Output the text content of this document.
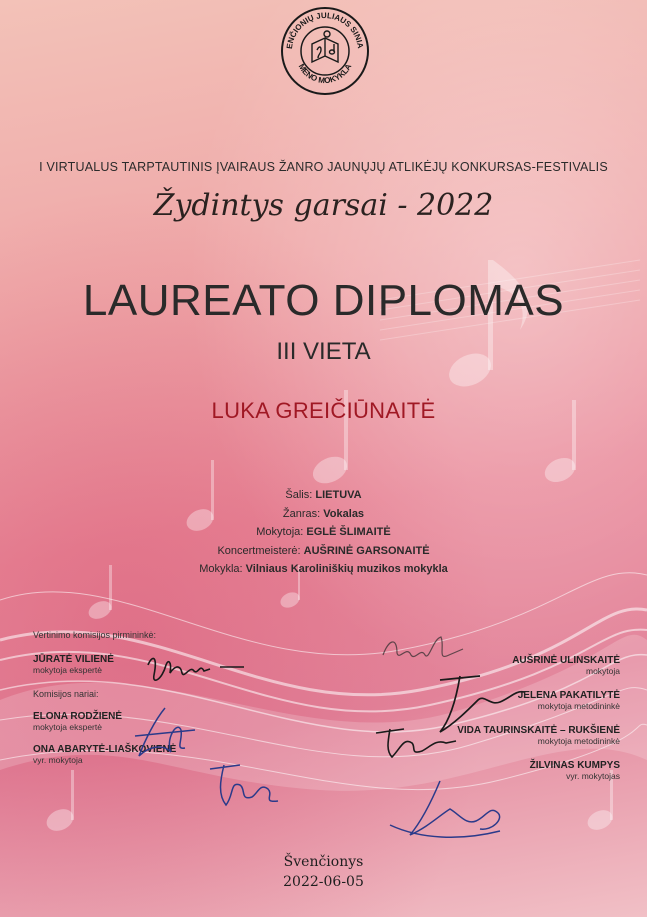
ENČIONIŲ JULIAUS SINIA
MENO MOKYKLA
I VIRTUALUS TARPTAUTINIS ĮVAIRAUS ŽANRO JAUNŲJŲ ATLIKĖJŲ KONKURSAS-FESTIVALIS
Žydintys garsai - 2022
LAUREATO DIPLOMAS
III VIETA
LUKA GREIČIŪNAITĖ
Šalis: LIETUVA
Žanras: Vokalas
Mokytoja: EGLĖ ŠLIMAITĖ
Koncertmeisterė: AUŠRINĖ GARSONAITĖ
Mokykla: Vilniaus Karoliniškių muzikos mokykla
Vertinimo komisijos pirmininkė:
JŪRATĖ VILIENĖ
mokytoja ekspertė
Komisijos nariai:
ELONA RODŽIENĖ
mokytoja ekspertė
ONA ABARYTĖ-LIAŠKOVIENĖ
vyr. mokytoja
AUŠRINĖ ULINSKAITĖ
mokytoja
JELENA PAKATILYTĖ
mokytoja metodininkė
VIDA TAURINSKAITĖ – RUKŠIENĖ
mokytoja metodininkė
ŽILVINAS KUMPYS
vyr. mokytojas
Švenčionys
2022-06-05
